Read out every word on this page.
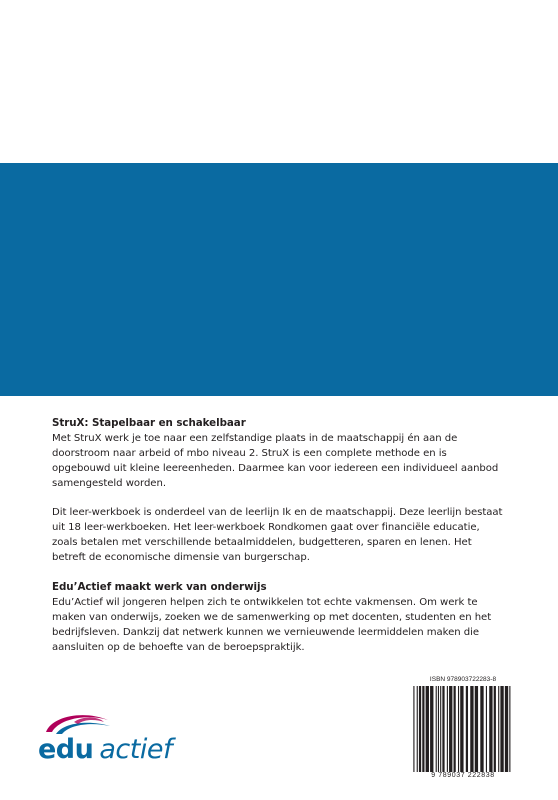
StruX: Stapelbaar en schakelbaar

Met StruX werk je toe naar een zelfstandige plaats in de maatschappij én aan de

doorstroom naar arbeid of mbo niveau 2. StruX is een complete methode en is

opgebouwd uit kleine leereenheden. Daarmee kan voor iedereen een individueel aanbod

samengesteld worden.

Dit leer-werkboek is onderdeel van de leerlijn Ik en de maatschappij. Deze leerlijn bestaat

uit 18 leer-werkboeken. Het leer-werkboek Rondkomen gaat over financiële educatie,

zoals betalen met verschillende betaalmiddelen, budgetteren, sparen en lenen. Het

betreft de economische dimensie van burgerschap.

Edu’Actief maakt werk van onderwijs

Edu’Actief wil jongeren helpen zich te ontwikkelen tot echte vakmensen. Om werk te

maken van onderwijs, zoeken we de samenwerking op met docenten, studenten en het

bedrijfsleven. Dankzij dat netwerk kunnen we vernieuwende leermiddelen maken die

aansluiten op de behoefte van de beroepspraktijk.

edu actief
ISBN 978903722283-8
9 789037 222838
